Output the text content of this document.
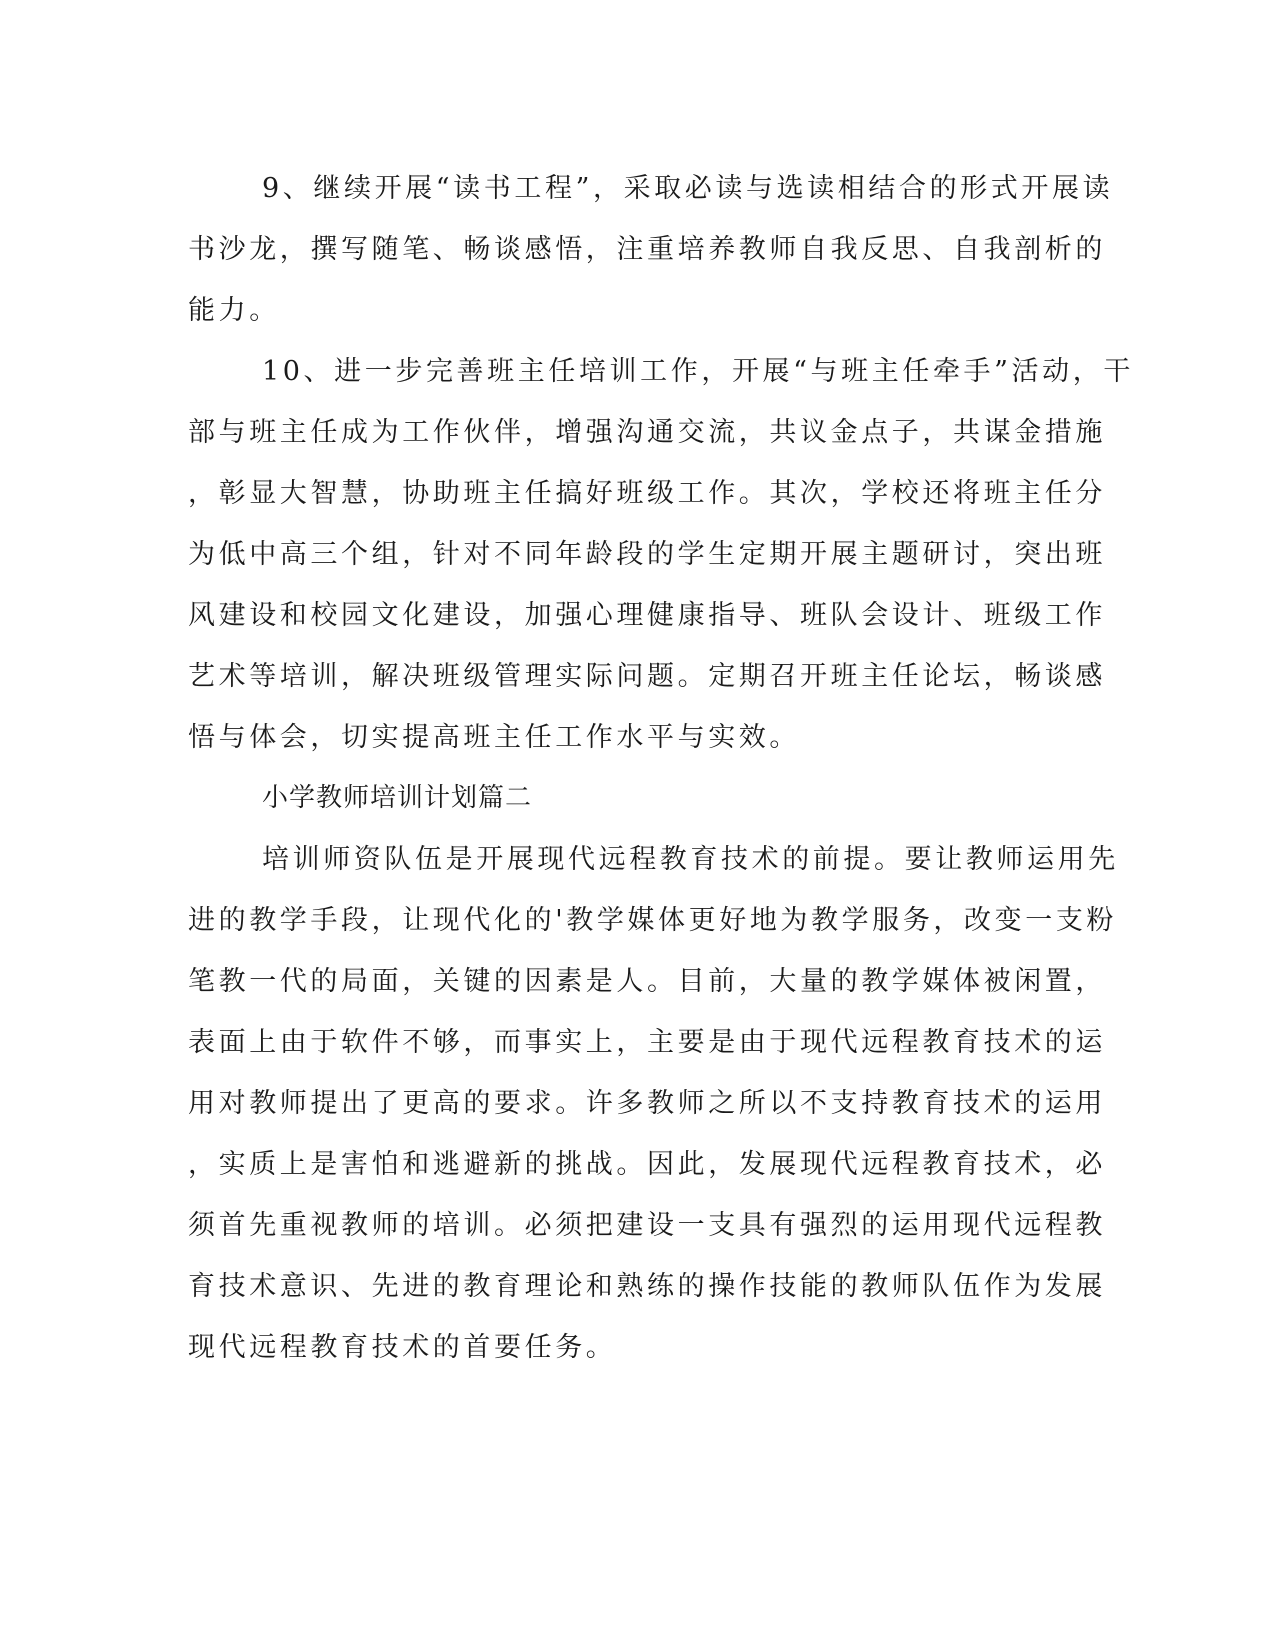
9、继续开展“读书工程”，采取必读与选读相结合的形式开展读
书沙龙，撰写随笔、畅谈感悟，注重培养教师自我反思、自我剖析的
能力。
10、进一步完善班主任培训工作，开展“与班主任牵手”活动，干
部与班主任成为工作伙伴，增强沟通交流，共议金点子，共谋金措施
，彰显大智慧，协助班主任搞好班级工作。其次，学校还将班主任分
为低中高三个组，针对不同年龄段的学生定期开展主题研讨，突出班
风建设和校园文化建设，加强心理健康指导、班队会设计、班级工作
艺术等培训，解决班级管理实际问题。定期召开班主任论坛，畅谈感
悟与体会，切实提高班主任工作水平与实效。
小学教师培训计划篇二
培训师资队伍是开展现代远程教育技术的前提。要让教师运用先
进的教学手段，让现代化的'教学媒体更好地为教学服务，改变一支粉
笔教一代的局面，关键的因素是人。目前，大量的教学媒体被闲置，
表面上由于软件不够，而事实上，主要是由于现代远程教育技术的运
用对教师提出了更高的要求。许多教师之所以不支持教育技术的运用
，实质上是害怕和逃避新的挑战。因此，发展现代远程教育技术，必
须首先重视教师的培训。必须把建设一支具有强烈的运用现代远程教
育技术意识、先进的教育理论和熟练的操作技能的教师队伍作为发展
现代远程教育技术的首要任务。
